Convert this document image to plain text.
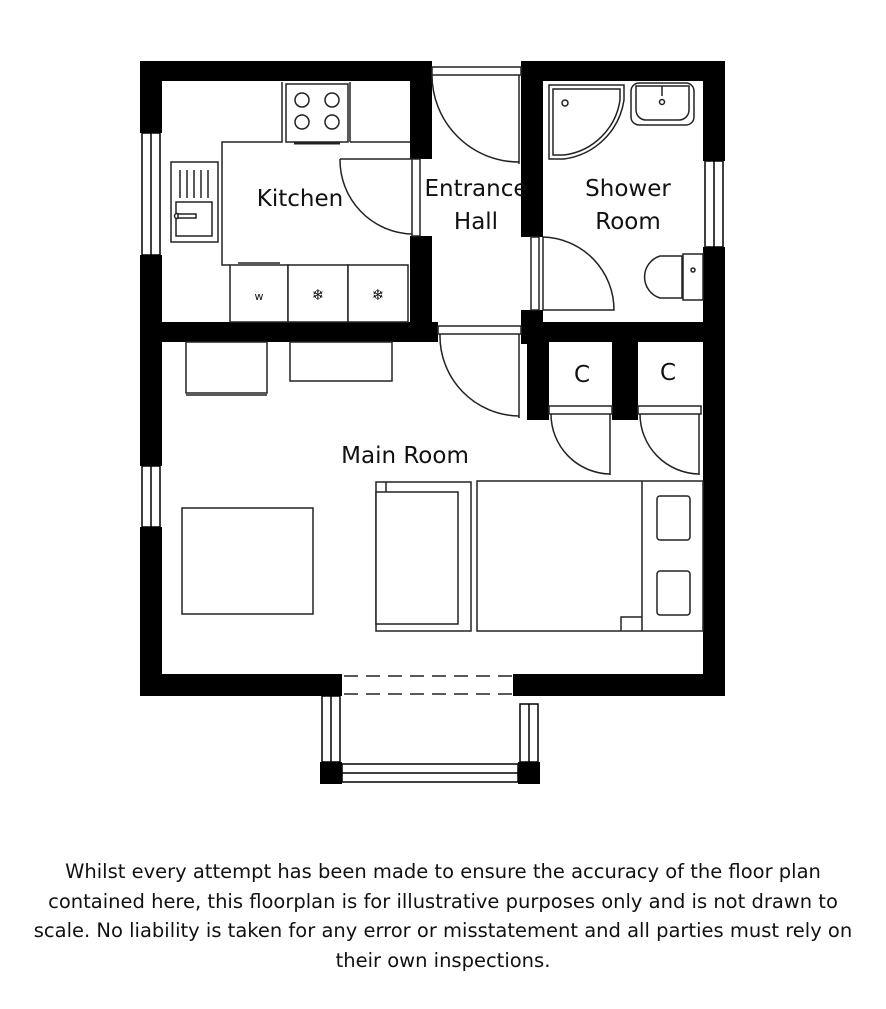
Kitchen	Entrance
Hall
Shower
Room
Main Room
C	C
w	❄	❄
Whilst every attempt has been made to ensure the accuracy of the floor plan contained here, this floorplan is for illustrative purposes only and is not drawn to scale. No liability is taken for any error or misstatement and all parties must rely on their own inspections.
